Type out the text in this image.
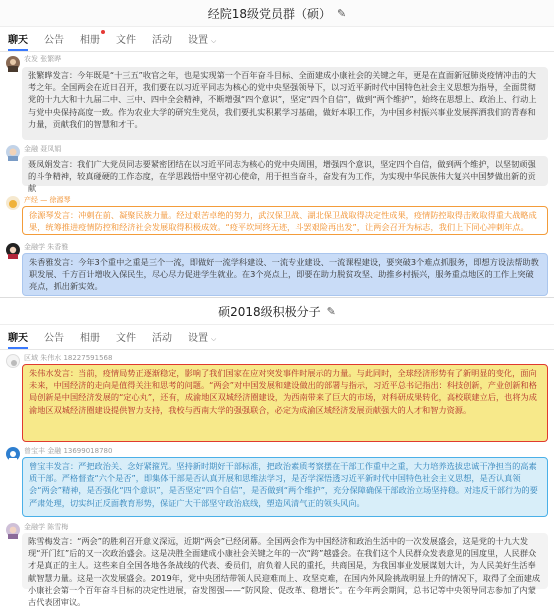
经院18级党员群（硕） ✎
聊天 公告 相册 文件 活动 设置 ⌵
农发 张繁晔
张繁晔发言：今年既是“十三五”收官之年，也是实现第一个百年奋斗目标、全面建成小康社会的关键之年，更是在直面新冠肺炎疫情冲击的大考之年。全国两会在近日召开，我们要在以习近平同志为核心的党中央坚强领导下，以习近平新时代中国特色社会主义思想为指导，全面贯彻党的十九大和十九届二中、三中、四中全会精神，不断增强“四个意识”，坚定“四个自信”，做到“两个维护”，始终在思想上、政治上、行动上与党中央保持高度一致。作为农业大学的研究生党员，我们要扎实积累学习基础，做好本职工作，为中国乡村振兴事业发展挥洒我们的青春和力量，贡献我们的智慧和才干。
金融 聂凤娟
聂凤娟发言：我们广大党员同志要紧密团结在以习近平同志为核心的党中央周围，增强四个意识，坚定四个自信，做到两个维护，以坚韧顽强的斗争精神，较真碰硬的工作态度，在学思践悟中坚守初心使命，用于担当奋斗，奋发有为工作，为实现中华民族伟大复兴中国梦做出新的贡献
产经 — 徐源琴
徐源琴发言：冲刺在前、凝聚民族力量。经过艰苦卓绝的努力，武汉保卫战、湖北保卫战取得决定性成果，疫情防控取得击败取得重大战略成果，统筹推进疫情防控和经济社会发展取得积极成效。“疫平坎坷终无迹，斗罢艰险再出发”，让两会召开为标志，我们上下同心冲刺年点。
金融学 朱香雅
朱香雅发言：今年3个重中之重是三个一流，即做好一流学科建设、一流专业建设、一流课程建设，要突破3个难点抓服务，即想方设法帮助教职发展、千方百计增收入保民生，尽心尽力促进学生就业。在3个亮点上，即要在助力脱贫攻坚、助推乡村振兴，服务重点地区的工作上突破亮点，抓出新实效。
硕2018级积极分子 ✎
聊天 公告 相册 文件 活动 设置 ⌵
区域 朱伟水 18227591568
朱伟水发言：当前，疫情局势正逐渐稳定，影响了我们国家在应对突发事件时展示的力量。与此同时，全球经济形势有了新明显的变化，面向未来，中国经济的走向是值得关注和思考的问题。“两会”对中国发展和建设做出的部署与指示，习近平总书记指出：科技创新，产业创新和格局创新是中国经济发展的“定心丸”，还有，成渝地区双城经济圈建设，为西南带来了巨大的市场，对科研成果转化，高校联建立后，也将为成渝地区双城经济圈建设提供智力支持，我校与西南大学的强强联合，必定为成渝区域经济发展贡献强大的人才和智力资源。
曾宝丰 金融 13699018780
曾宝丰发言：严把政治关、念好紧箍咒。坚持新时期好干部标准，把政治素质考察摆在干部工作重中之重，大力培养选拔忠诚干净担当的高素质干部。严格督查“六个是否”，即集体干部是否认真开展和思维法学习，是否学深悟透习近平新时代中国特色社会主义思想，是否认真领会“两会”精神，是否强化“四个意识”，是否坚定“四个自信”，是否做到“两个维护”，充分保障确保干部政治立场坚持稳。对违反干部行为的要严肃处理，切实纠正反面教育形势，保证广大干部坚守政治底线，塑造风清气正的领头风向。
金融学 陈雪梅
陈雪梅发言：“两会”的胜利召开意义深远，近期“两会”已经闭幕。全国两会作为中国经济和政治生活中的一次发展盛会，这是党的十九大发现“开门红”后的又一次政治盛会。这是决胜全面建成小康社会关键之年的一次“跨”越盛会。在我们这个人民群众发表意见的国度里，人民群众才是真正的主人。这些来自全国各地各条战线的代表、委员们，肩负着人民的重托，共商国是，为我国事业发展谋划大计，为人民美好生活奉献智慧力量。这是一次发展盛会。2019年，党中央团结带领人民迎难而上、攻坚克难，在国内外风险挑战明显上升的情况下，取得了全面建成小康社会第一个百年奋斗目标的决定性进展，奋发图强——“防风险、促改革、稳增长”。在今年两会期间，总书记等中央领导同志参加了内蒙古代表团审议。
